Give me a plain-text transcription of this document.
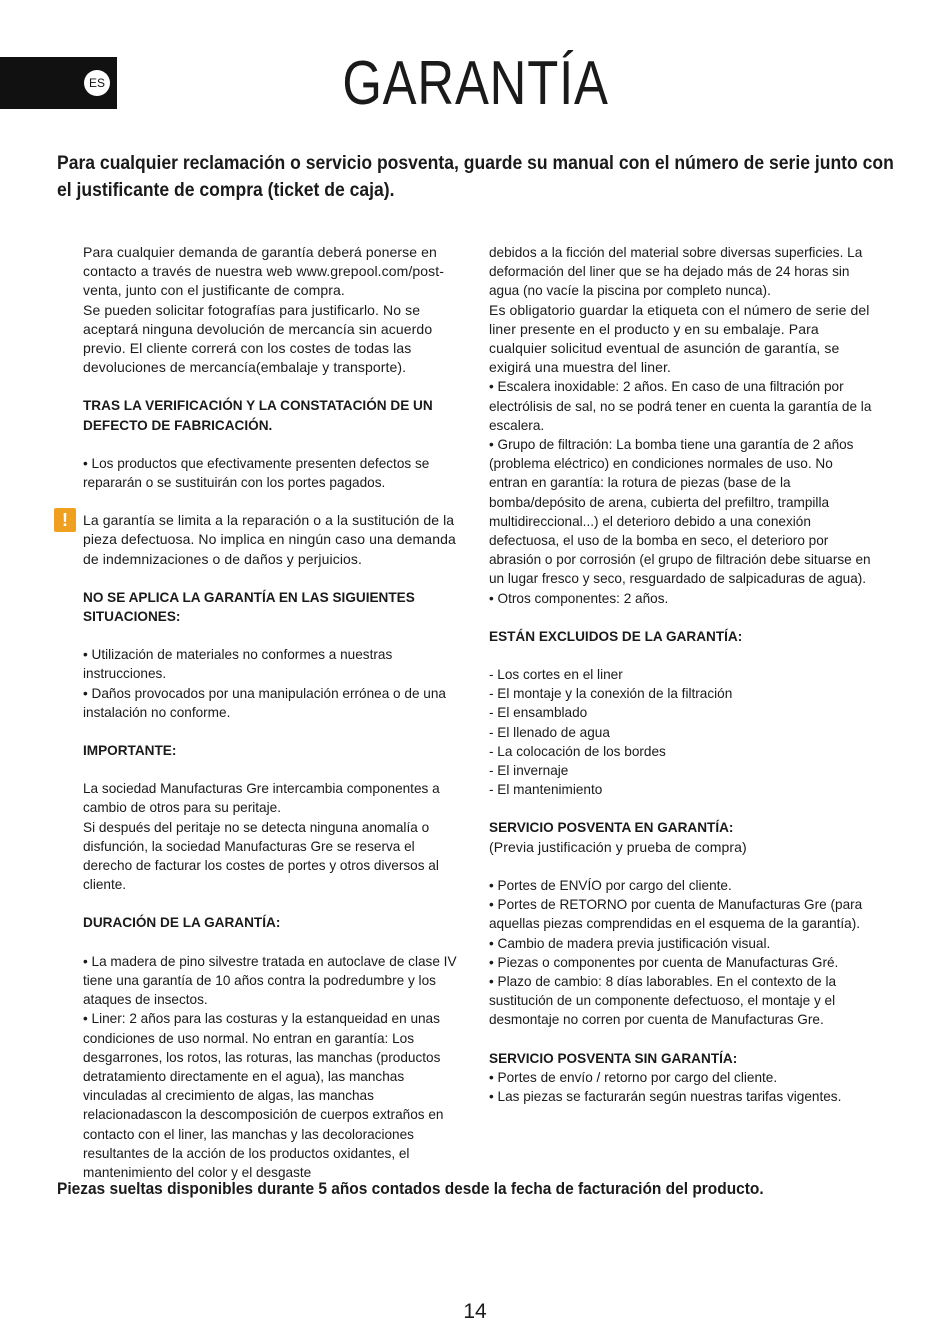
ES	GARANTÍA

Para cualquier reclamación o servicio posventa, guarde su manual con el número de serie junto con el justificante de compra (ticket de caja).

Para cualquier demanda de garantía deberá ponerse en contacto a través de nuestra web www.grepool.com/post-venta, junto con el justificante de compra.

Se pueden solicitar fotografías para justificarlo. No se aceptará ninguna devolución de mercancía sin acuerdo previo. El cliente correrá con los costes de todas las devoluciones de mercancía(embalaje y transporte).

TRAS LA VERIFICACIÓN Y LA CONSTATACIÓN DE UN DEFECTO DE FABRICACIÓN.

• Los productos que efectivamente presenten defectos se repararán o se sustituirán con los portes pagados.

!	La garantía se limita a la reparación o a la sustitución de la pieza defectuosa. No implica en ningún caso una demanda de indemnizaciones o de daños y perjuicios.

NO SE APLICA LA GARANTÍA EN LAS SIGUIENTES SITUACIONES:

• Utilización de materiales no conformes a nuestras instrucciones.

• Daños provocados por una manipulación errónea o de una instalación no conforme.

IMPORTANTE:

La sociedad Manufacturas Gre intercambia componentes a cambio de otros para su peritaje.

Si después del peritaje no se detecta ninguna anomalía o disfunción, la sociedad Manufacturas Gre se reserva el derecho de facturar los costes de portes y otros diversos al cliente.

DURACIÓN DE LA GARANTÍA:

• La madera de pino silvestre tratada en autoclave de clase IV tiene una garantía de 10 años contra la podredumbre y los ataques de insectos.

• Liner: 2 años para las costuras y la estanqueidad en unas condiciones de uso normal. No entran en garantía: Los desgarrones, los rotos, las roturas, las manchas (productos detratamiento directamente en el agua), las manchas vinculadas al crecimiento de algas, las manchas relacionadascon la descomposición de cuerpos extraños en contacto con el liner, las manchas y las decoloraciones resultantes de la acción de los productos oxidantes, el mantenimiento del color y el desgaste

debidos a la ficción del material sobre diversas superficies. La deformación del liner que se ha dejado más de 24 horas sin agua (no vacíe la piscina por completo nunca).

Es obligatorio guardar la etiqueta con el número de serie del liner presente en el producto y en su embalaje. Para cualquier solicitud eventual de asunción de garantía, se exigirá una muestra del liner.

• Escalera inoxidable: 2 años. En caso de una filtración por electrólisis de sal, no se podrá tener en cuenta la garantía de la escalera.

• Grupo de filtración: La bomba tiene una garantía de 2 años (problema eléctrico) en condiciones normales de uso. No entran en garantía: la rotura de piezas (base de la bomba/depósito de arena, cubierta del prefiltro, trampilla multidireccional...) el deterioro debido a una conexión defectuosa, el uso de la bomba en seco, el deterioro por abrasión o por corrosión (el grupo de filtración debe situarse en un lugar fresco y seco, resguardado de salpicaduras de agua).

• Otros componentes: 2 años.

ESTÁN EXCLUIDOS DE LA GARANTÍA:

- Los cortes en el liner

- El montaje y la conexión de la filtración

- El ensamblado

- El llenado de agua

- La colocación de los bordes

- El invernaje

- El mantenimiento

SERVICIO POSVENTA EN GARANTÍA:

(Previa justificación y prueba de compra)

• Portes de ENVÍO por cargo del cliente.

• Portes de RETORNO por cuenta de Manufacturas Gre (para aquellas piezas comprendidas en el esquema de la garantía).

• Cambio de madera previa justificación visual.

• Piezas o componentes por cuenta de Manufacturas Gré.

• Plazo de cambio: 8 días laborables. En el contexto de la sustitución de un componente defectuoso, el montaje y el desmontaje no corren por cuenta de Manufacturas Gre.

SERVICIO POSVENTA SIN GARANTÍA:

• Portes de envío / retorno por cargo del cliente.

• Las piezas se facturarán según nuestras tarifas vigentes.

Piezas sueltas disponibles durante 5 años contados desde la fecha de facturación del producto.

14
